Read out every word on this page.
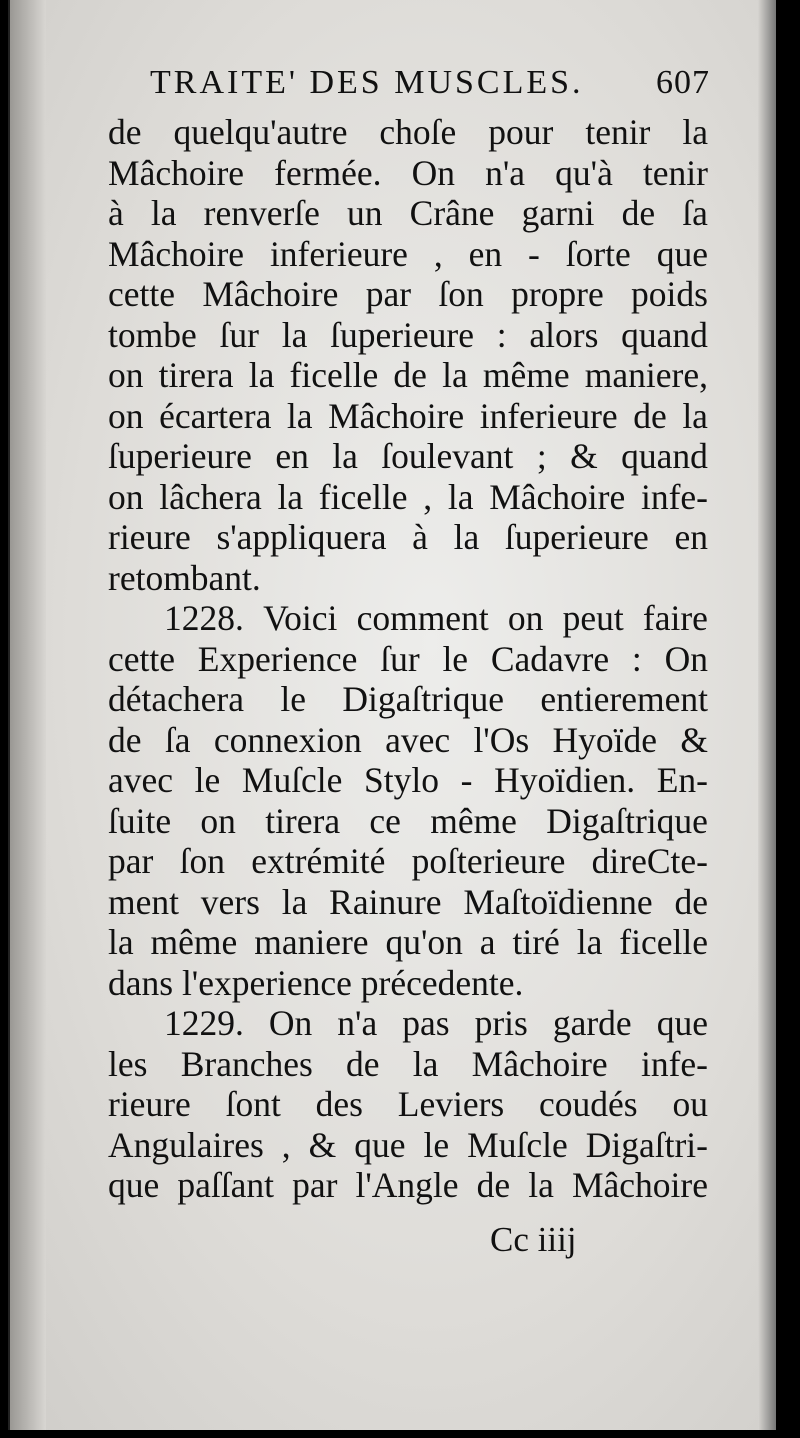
TRAITE' DES MUSCLES. 607
de quelqu'autre choſe pour tenir la
Mâchoire fermée. On n'a qu'à tenir
à la renverſe un Crâne garni de ſa
Mâchoire inferieure , en - ſorte que
cette Mâchoire par ſon propre poids
tombe ſur la ſuperieure : alors quand
on tirera la ficelle de la même maniere,
on écartera la Mâchoire inferieure de la
ſuperieure en la ſoulevant ; & quand
on lâchera la ficelle , la Mâchoire infe-
rieure s'appliquera à la ſuperieure en
retombant.
1228. Voici comment on peut faire
cette Experience ſur le Cadavre : On
détachera le Digaſtrique entierement
de ſa connexion avec l'Os Hyoïde &
avec le Muſcle Stylo - Hyoïdien. En-
ſuite on tirera ce même Digaſtrique
par ſon extrémité poſterieure direCte-
ment vers la Rainure Maſtoïdienne de
la même maniere qu'on a tiré la ficelle
dans l'experience précedente.
1229. On n'a pas pris garde que
les Branches de la Mâchoire infe-
rieure ſont des Leviers coudés ou
Angulaires , & que le Muſcle Digaſtri-
que paſſant par l'Angle de la Mâchoire
Cc iiij
